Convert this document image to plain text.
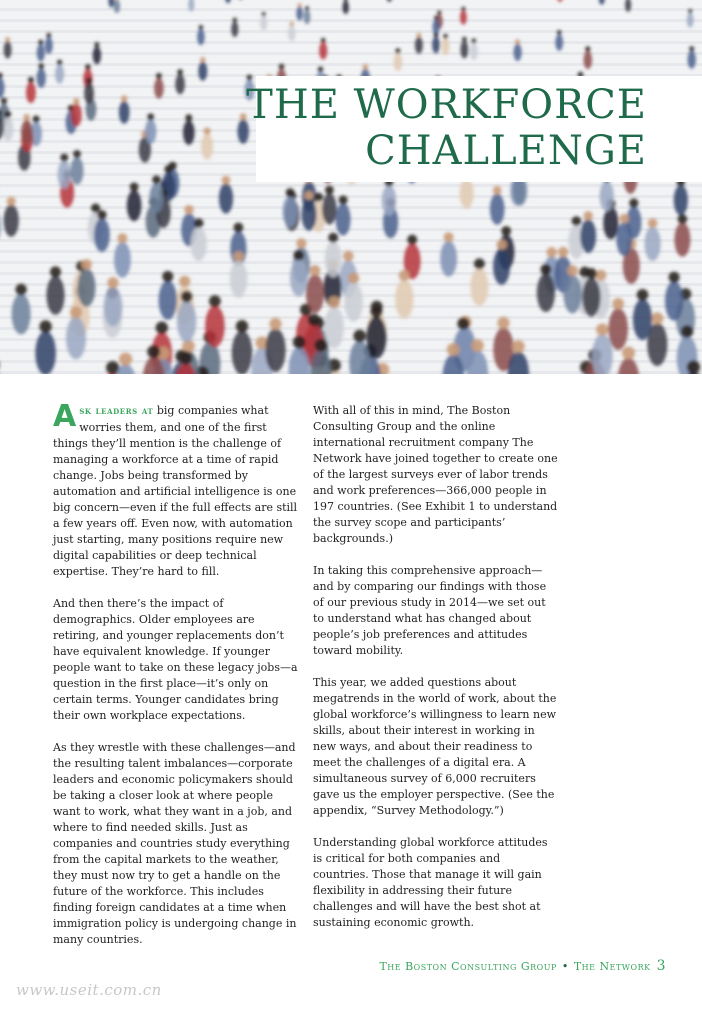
THE WORKFORCE
CHALLENGE

Ask leaders at big companies what worries them, and one of the first things they’ll mention is the challenge of managing a workforce at a time of rapid change. Jobs being transformed by automation and artificial intelligence is one big concern—even if the full effects are still a few years off. Even now, with automation just starting, many positions require new digital capabilities or deep technical expertise. They’re hard to fill.

And then there’s the impact of demographics. Older employees are retiring, and younger replacements don’t have equivalent knowledge. If younger people want to take on these legacy jobs—a question in the first place—it’s only on certain terms. Younger candidates bring their own workplace expectations.

As they wrestle with these challenges—and the resulting talent imbalances—corporate leaders and economic policymakers should be taking a closer look at where people want to work, what they want in a job, and where to find needed skills. Just as companies and countries study everything from the capital markets to the weather, they must now try to get a handle on the future of the workforce. This includes finding foreign candidates at a time when immigration policy is undergoing change in many countries.

With all of this in mind, The Boston Consulting Group and the online international recruitment company The Network have joined together to create one of the largest surveys ever of labor trends and work preferences—366,000 people in 197 countries. (See Exhibit 1 to understand the survey scope and participants’ backgrounds.)

In taking this comprehensive approach—and by comparing our findings with those of our previous study in 2014—we set out to understand what has changed about people’s job preferences and attitudes toward mobility.

This year, we added questions about megatrends in the world of work, about the global workforce’s willingness to learn new skills, about their interest in working in new ways, and about their readiness to meet the challenges of a digital era. A simultaneous survey of 6,000 recruiters gave us the employer perspective. (See the appendix, “Survey Methodology.”)

Understanding global workforce attitudes is critical for both companies and countries. Those that manage it will gain flexibility in addressing their future challenges and will have the best shot at sustaining economic growth.

The Boston Consulting Group • The Network 3
www.useit.com.cn
